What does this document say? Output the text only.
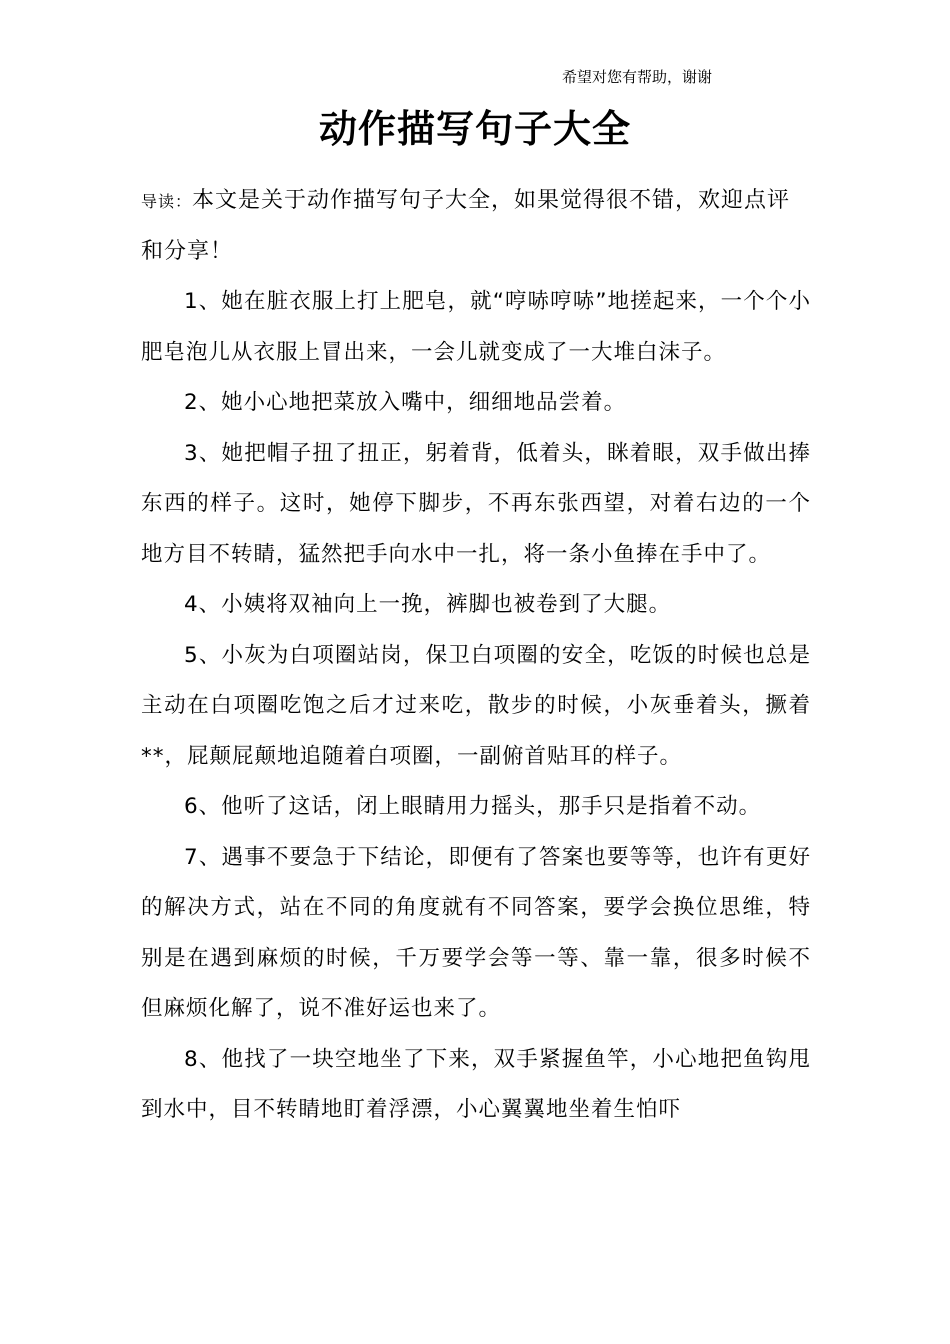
希望对您有帮助，谢谢
动作描写句子大全

导读：本文是关于动作描写句子大全，如果觉得很不错，欢迎点评和分享！

1、她在脏衣服上打上肥皂，就“哼哧哼哧”地搓起来，一个个小肥皂泡儿从衣服上冒出来，一会儿就变成了一大堆白沫子。

2、她小心地把菜放入嘴中，细细地品尝着。

3、她把帽子扭了扭正，躬着背，低着头，眯着眼，双手做出捧东西的样子。这时，她停下脚步，不再东张西望，对着右边的一个地方目不转睛，猛然把手向水中一扎，将一条小鱼捧在手中了。

4、小姨将双袖向上一挽，裤脚也被卷到了大腿。

5、小灰为白项圈站岗，保卫白项圈的安全，吃饭的时候也总是主动在白项圈吃饱之后才过来吃，散步的时候，小灰垂着头，撅着**，屁颠屁颠地追随着白项圈，一副俯首贴耳的样子。

6、他听了这话，闭上眼睛用力摇头，那手只是指着不动。

7、遇事不要急于下结论，即便有了答案也要等等，也许有更好的解决方式，站在不同的角度就有不同答案，要学会换位思维，特别是在遇到麻烦的时候，千万要学会等一等、靠一靠，很多时候不但麻烦化解了，说不准好运也来了。

8、他找了一块空地坐了下来，双手紧握鱼竿，小心地把鱼钩甩到水中，目不转睛地盯着浮漂，小心翼翼地坐着生怕吓
